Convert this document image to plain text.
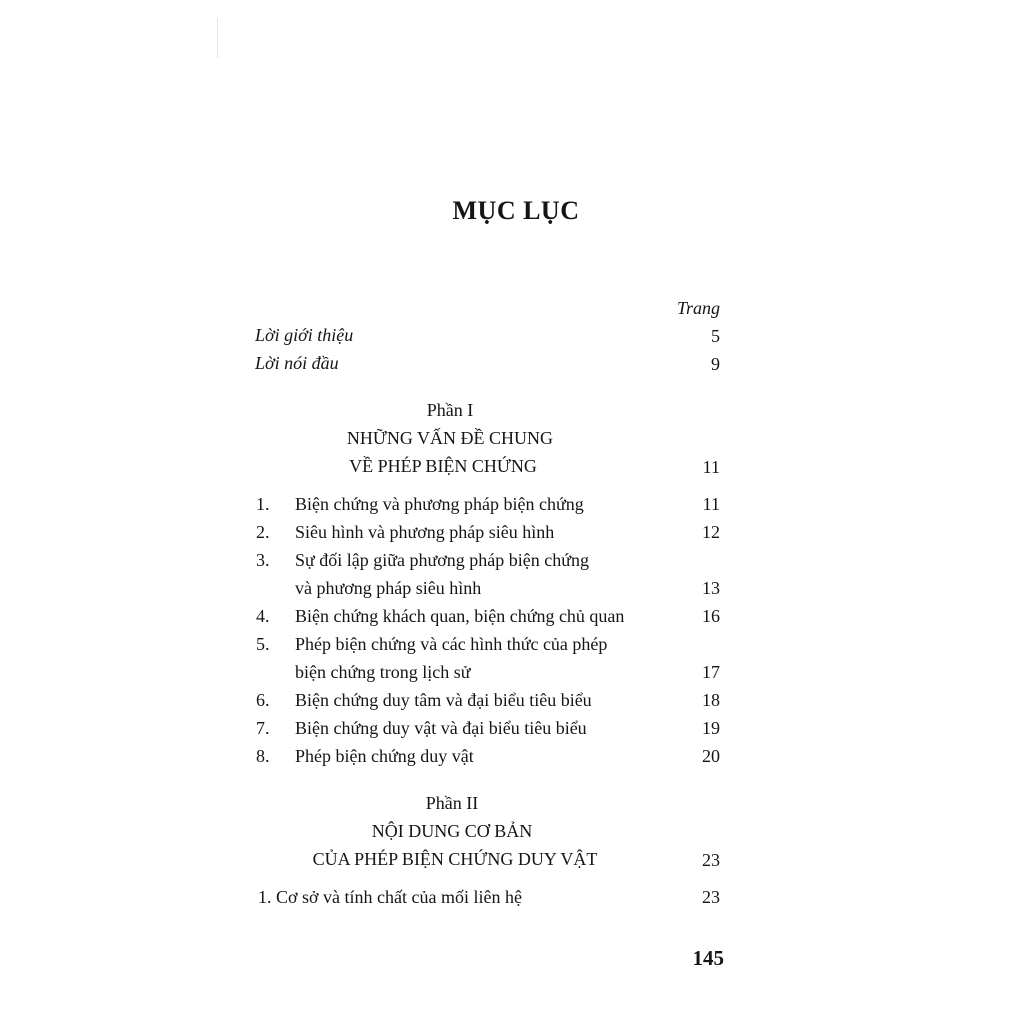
MỤC LỤC
Trang
Lời giới thiệu	5
Lời nói đầu	9
Phần I
NHỮNG VẤN ĐỀ CHUNG
VỀ PHÉP BIỆN CHỨNG	11
1.	Biện chứng và phương pháp biện chứng	11
2.	Siêu hình và phương pháp siêu hình	12
3.	Sự đối lập giữa phương pháp biện chứng
và phương pháp siêu hình	13
4.	Biện chứng khách quan, biện chứng chủ quan	16
5.	Phép biện chứng và các hình thức của phép
biện chứng trong lịch sử	17
6.	Biện chứng duy tâm và đại biểu tiêu biểu	18
7.	Biện chứng duy vật và đại biểu tiêu biểu	19
8.	Phép biện chứng duy vật	20
Phần II
NỘI DUNG CƠ BẢN
CỦA PHÉP BIỆN CHỨNG DUY VẬT	23
1. Cơ sở và tính chất của mối liên hệ	23
145
